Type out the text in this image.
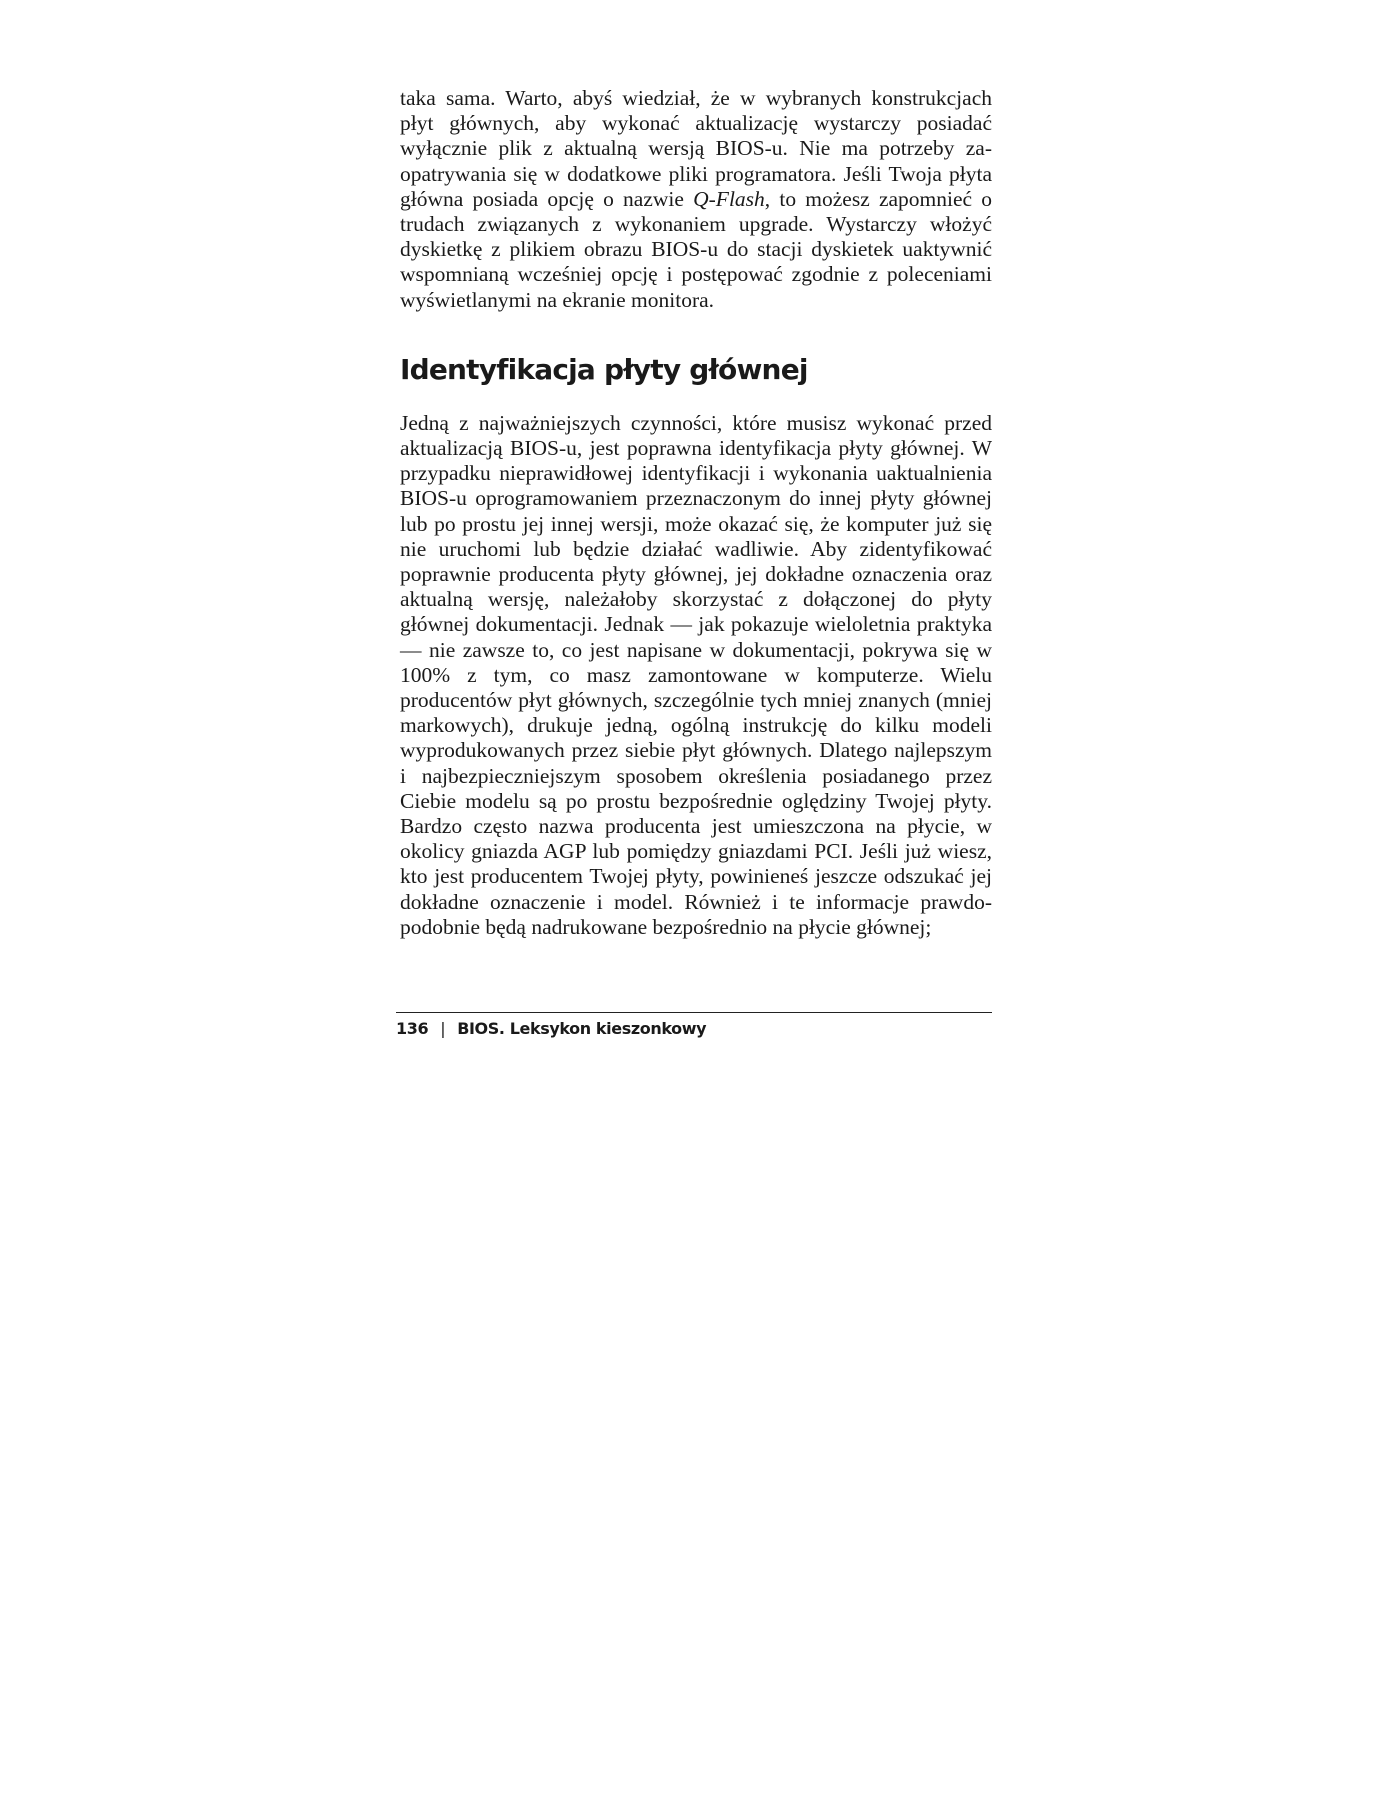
taka sama. Warto, abyś wiedział, że w wybranych konstrukcjach płyt głównych, aby wykonać aktualizację wystarczy posiadać wyłącznie plik z aktualną wersją BIOS-u. Nie ma potrzeby zaopatrywania się w dodatkowe pliki programatora. Jeśli Twoja płyta główna posiada opcję o nazwie Q-Flash, to możesz zapomnieć o trudach związanych z wykonaniem upgrade. Wystarczy włożyć dyskietkę z plikiem obrazu BIOS-u do stacji dyskietek uaktywnić wspomnianą wcześniej opcję i postępować zgodnie z poleceniami wyświetlanymi na ekranie monitora.

Identyfikacja płyty głównej

Jedną z najważniejszych czynności, które musisz wykonać przed aktualizacją BIOS-u, jest poprawna identyfikacja płyty głównej. W przypadku nieprawidłowej identyfikacji i wykonania uaktualnienia BIOS-u oprogramowaniem przeznaczonym do innej płyty głównej lub po prostu jej innej wersji, może okazać się, że komputer już się nie uruchomi lub będzie działać wadliwie. Aby zidentyfikować poprawnie producenta płyty głównej, jej dokładne oznaczenia oraz aktualną wersję, należałoby skorzystać z dołączonej do płyty głównej dokumentacji. Jednak — jak pokazuje wieloletnia praktyka — nie zawsze to, co jest napisane w dokumentacji, pokrywa się w 100% z tym, co masz zamontowane w komputerze. Wielu producentów płyt głównych, szczególnie tych mniej znanych (mniej markowych), drukuje jedną, ogólną instrukcję do kilku modeli wyprodukowanych przez siebie płyt głównych. Dlatego najlepszym i najbezpieczniejszym sposobem określenia posiadanego przez Ciebie modelu są po prostu bezpośrednie oględziny Twojej płyty. Bardzo często nazwa producenta jest umieszczona na płycie, w okolicy gniazda AGP lub pomiędzy gniazdami PCI. Jeśli już wiesz, kto jest producentem Twojej płyty, powinieneś jeszcze odszukać jej dokładne oznaczenie i model. Również i te informacje prawdopodobnie będą nadrukowane bezpośrednio na płycie głównej;

136 | BIOS. Leksykon kieszonkowy
